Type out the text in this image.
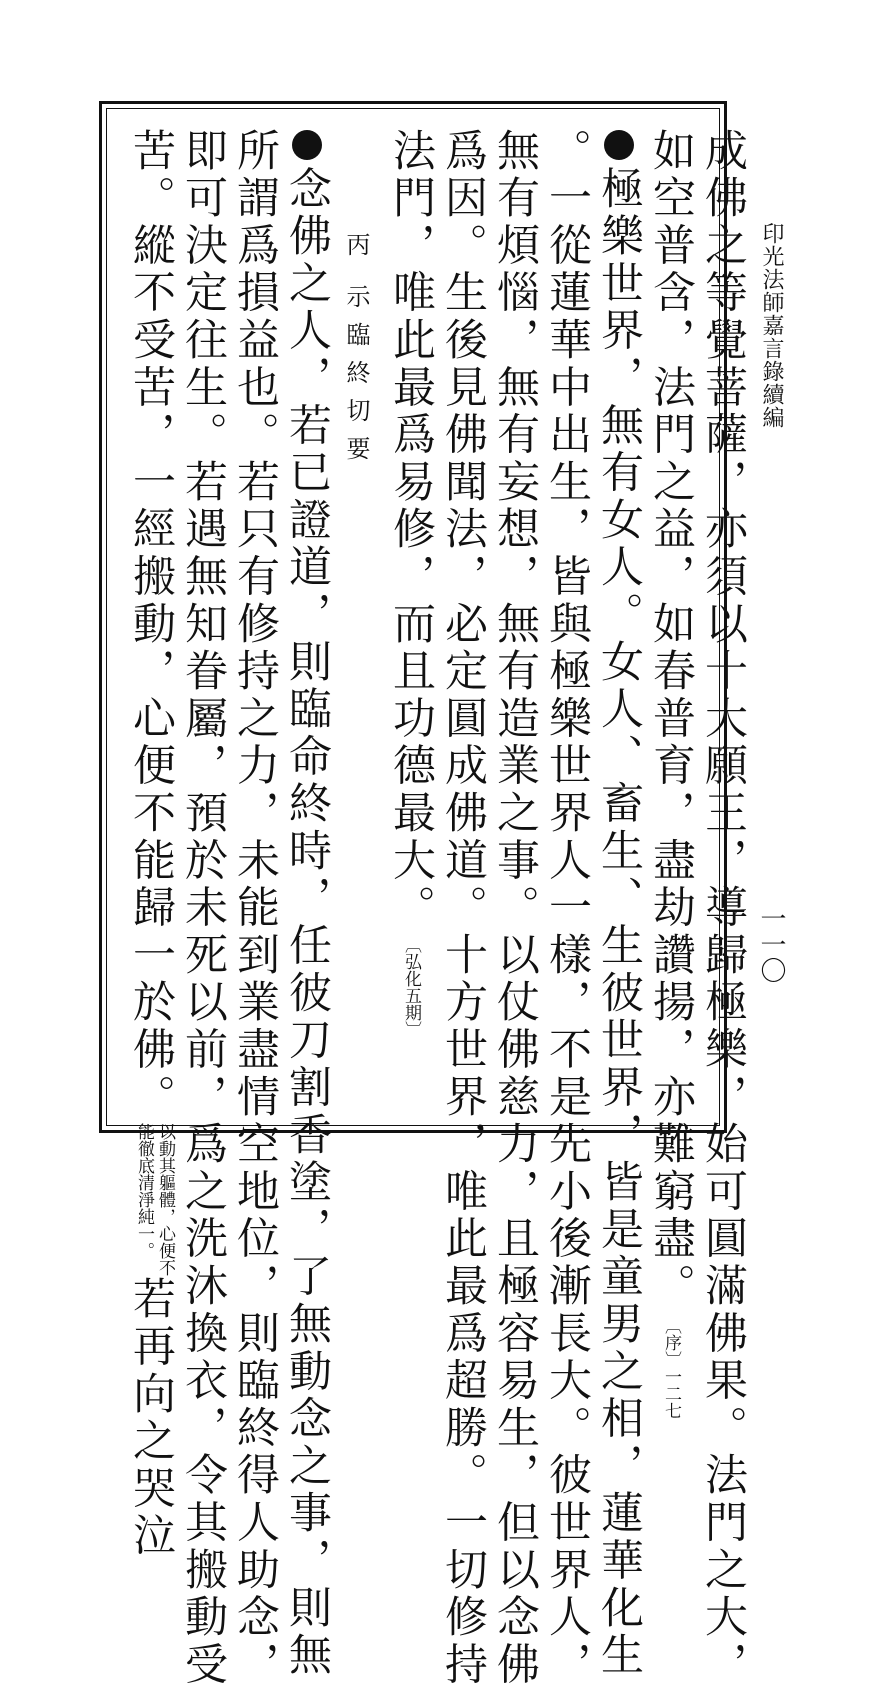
印光法師嘉言錄續編
一一〇
成佛之等覺菩薩，亦須以十大願王，導歸極樂，始可圓滿佛果。法門之大，
如空普含，法門之益，如春普育，盡劫讚揚，亦難窮盡。〔序〕一二七
極樂世界，無有女人。女人、畜生、生彼世界，皆是童男之相，蓮華化生
。一從蓮華中出生，皆與極樂世界人一樣，不是先小後漸長大。彼世界人，
無有煩惱，無有妄想，無有造業之事。以仗佛慈力，且極容易生，但以念佛
爲因。生後見佛聞法，必定圓成佛道。十方世界，唯此最爲超勝。一切修持
法門，唯此最爲易修，而且功德最大。〔弘化五期〕
丙示臨終切要
念佛之人，若已證道，則臨命終時，任彼刀割香塗，了無動念之事，則無
所謂爲損益也。若只有修持之力，未能到業盡情空地位，則臨終得人助念，
即可決定往生。若遇無知眷屬，預於未死以前，爲之洗沐換衣，令其搬動受
苦。縱不受苦，一經搬動，心便不能歸一於佛。
以動其軀體，心便不
能徹底清淨純一。
若再向之哭泣
